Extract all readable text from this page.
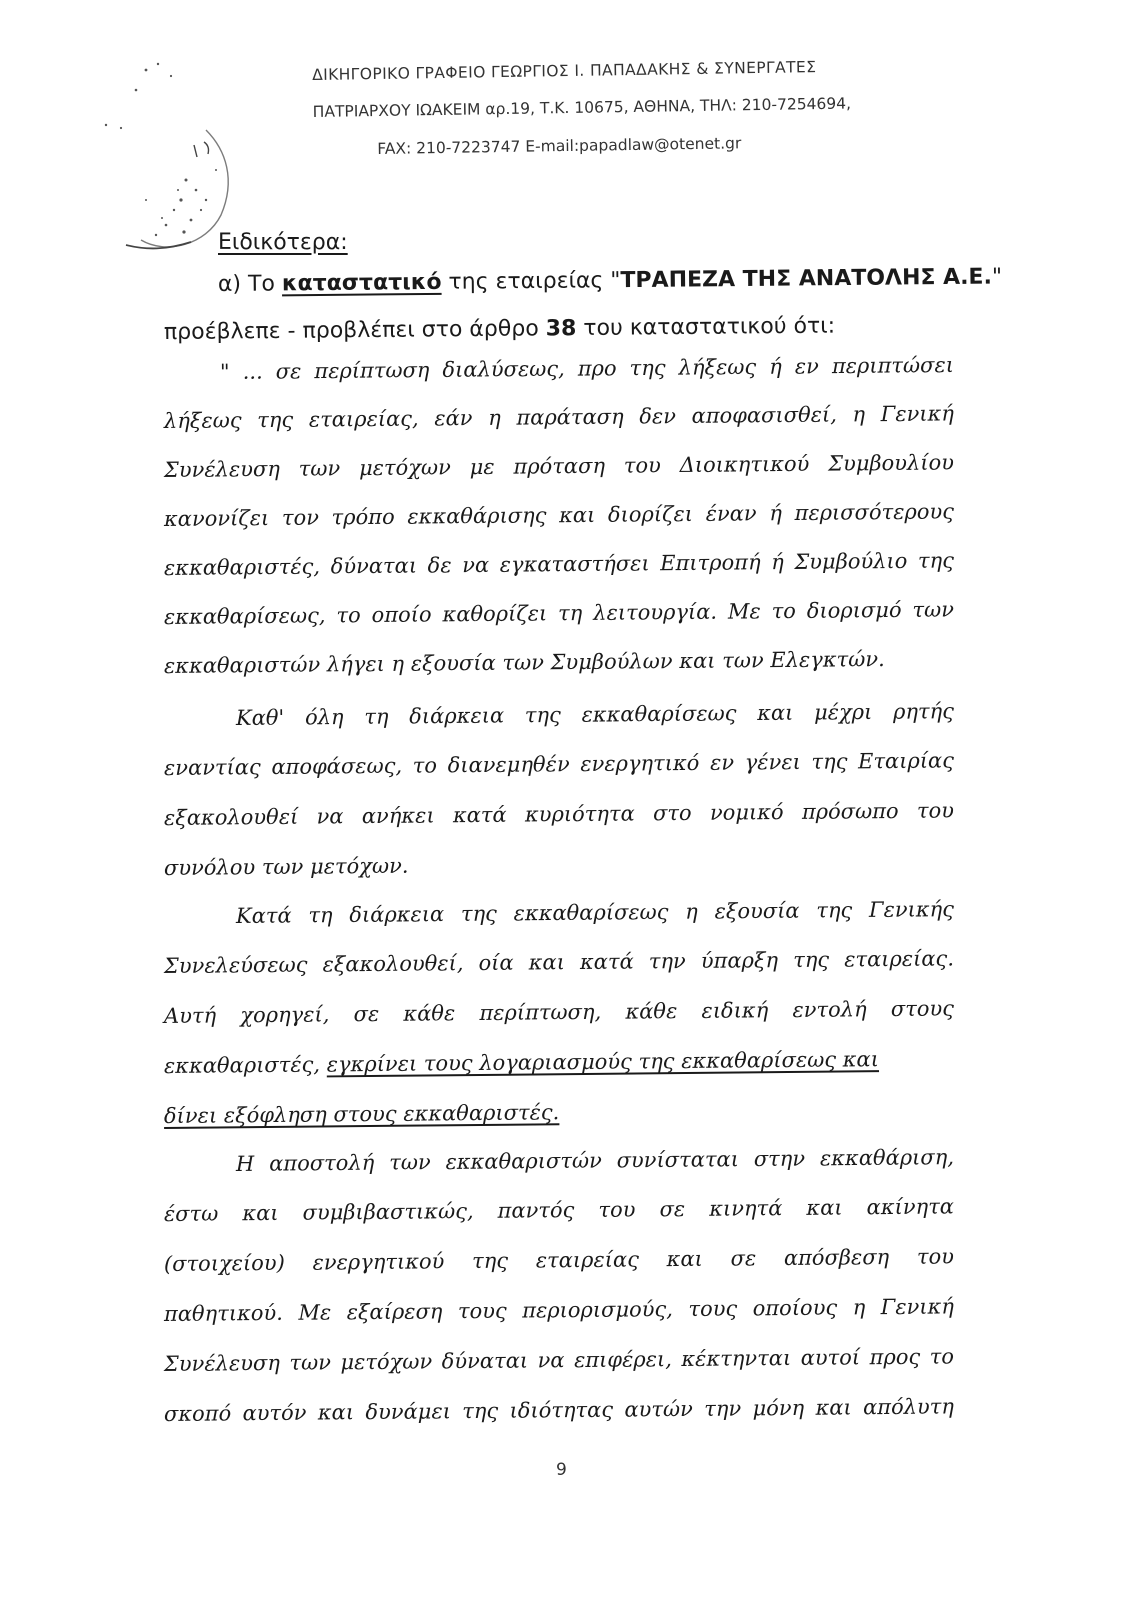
ΔΙΚΗΓΟΡΙΚΟ ΓΡΑΦΕΙΟ ΓΕΩΡΓΙΟΣ Ι. ΠΑΠΑΔΑΚΗΣ & ΣΥΝΕΡΓΑΤΕΣ
ΠΑΤΡΙΑΡΧΟΥ ΙΩΑΚΕΙΜ αρ.19, Τ.Κ. 10675, ΑΘΗΝΑ, ΤΗΛ: 210-7254694,
FAX: 210-7223747 E-mail:papadlaw@otenet.gr
Ειδικότερα:
α) Το καταστατικό της εταιρείας "ΤΡΑΠΕΖΑ ΤΗΣ ΑΝΑΤΟΛΗΣ Α.Ε."
προέβλεπε - προβλέπει στο άρθρο 38 του καταστατικού ότι:
" ... σε περίπτωση διαλύσεως, προ της λήξεως ή εν περιπτώσει
λήξεως της εταιρείας, εάν η παράταση δεν αποφασισθεί, η Γενική
Συνέλευση των μετόχων με πρόταση του Διοικητικού Συμβουλίου
κανονίζει τον τρόπο εκκαθάρισης και διορίζει έναν ή περισσότερους
εκκαθαριστές, δύναται δε να εγκαταστήσει Επιτροπή ή Συμβούλιο της
εκκαθαρίσεως, το οποίο καθορίζει τη λειτουργία. Με το διορισμό των
εκκαθαριστών λήγει η εξουσία των Συμβούλων και των Ελεγκτών.
Καθ' όλη τη διάρκεια της εκκαθαρίσεως και μέχρι ρητής
εναντίας αποφάσεως, το διανεμηθέν ενεργητικό εν γένει της Εταιρίας
εξακολουθεί να ανήκει κατά κυριότητα στο νομικό πρόσωπο του
συνόλου των μετόχων.
Κατά τη διάρκεια της εκκαθαρίσεως η εξουσία της Γενικής
Συνελεύσεως εξακολουθεί, οία και κατά την ύπαρξη της εταιρείας.
Αυτή χορηγεί, σε κάθε περίπτωση, κάθε ειδική εντολή στους
εκκαθαριστές, εγκρίνει τους λογαριασμούς της εκκαθαρίσεως και
δίνει εξόφληση στους εκκαθαριστές.
Η αποστολή των εκκαθαριστών συνίσταται στην εκκαθάριση,
έστω και συμβιβαστικώς, παντός του σε κινητά και ακίνητα
(στοιχείου) ενεργητικού της εταιρείας και σε απόσβεση του
παθητικού. Με εξαίρεση τους περιορισμούς, τους οποίους η Γενική
Συνέλευση των μετόχων δύναται να επιφέρει, κέκτηνται αυτοί προς το
σκοπό αυτόν και δυνάμει της ιδιότητας αυτών την μόνη και απόλυτη
9
